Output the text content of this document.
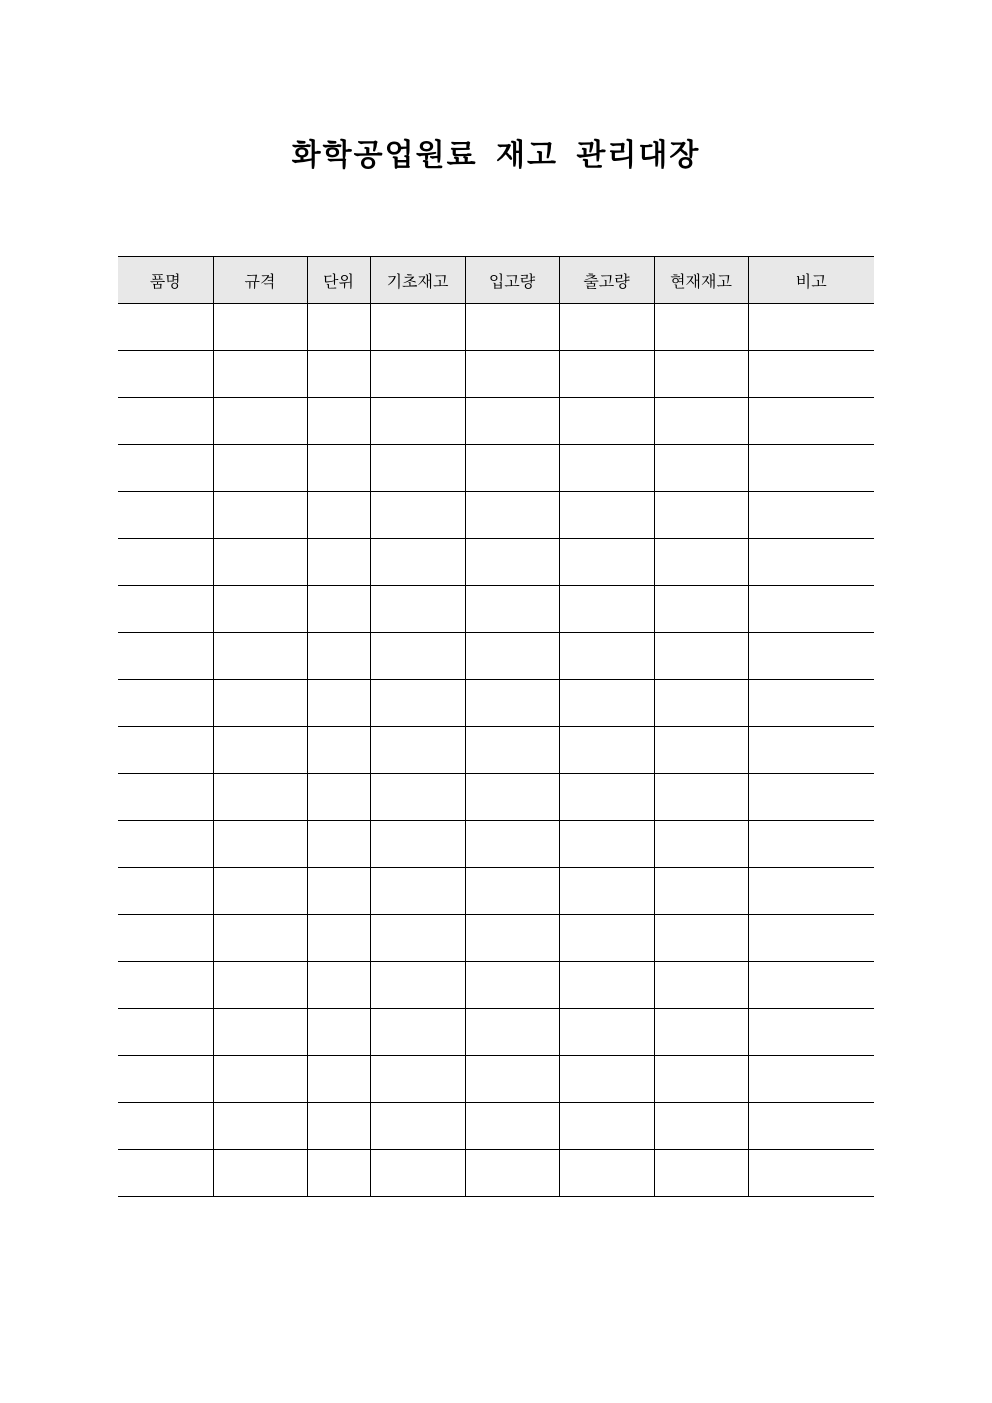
화학공업원료 재고 관리대장
품명	규격	단위	기초재고	입고량	출고량	현재재고	비고
